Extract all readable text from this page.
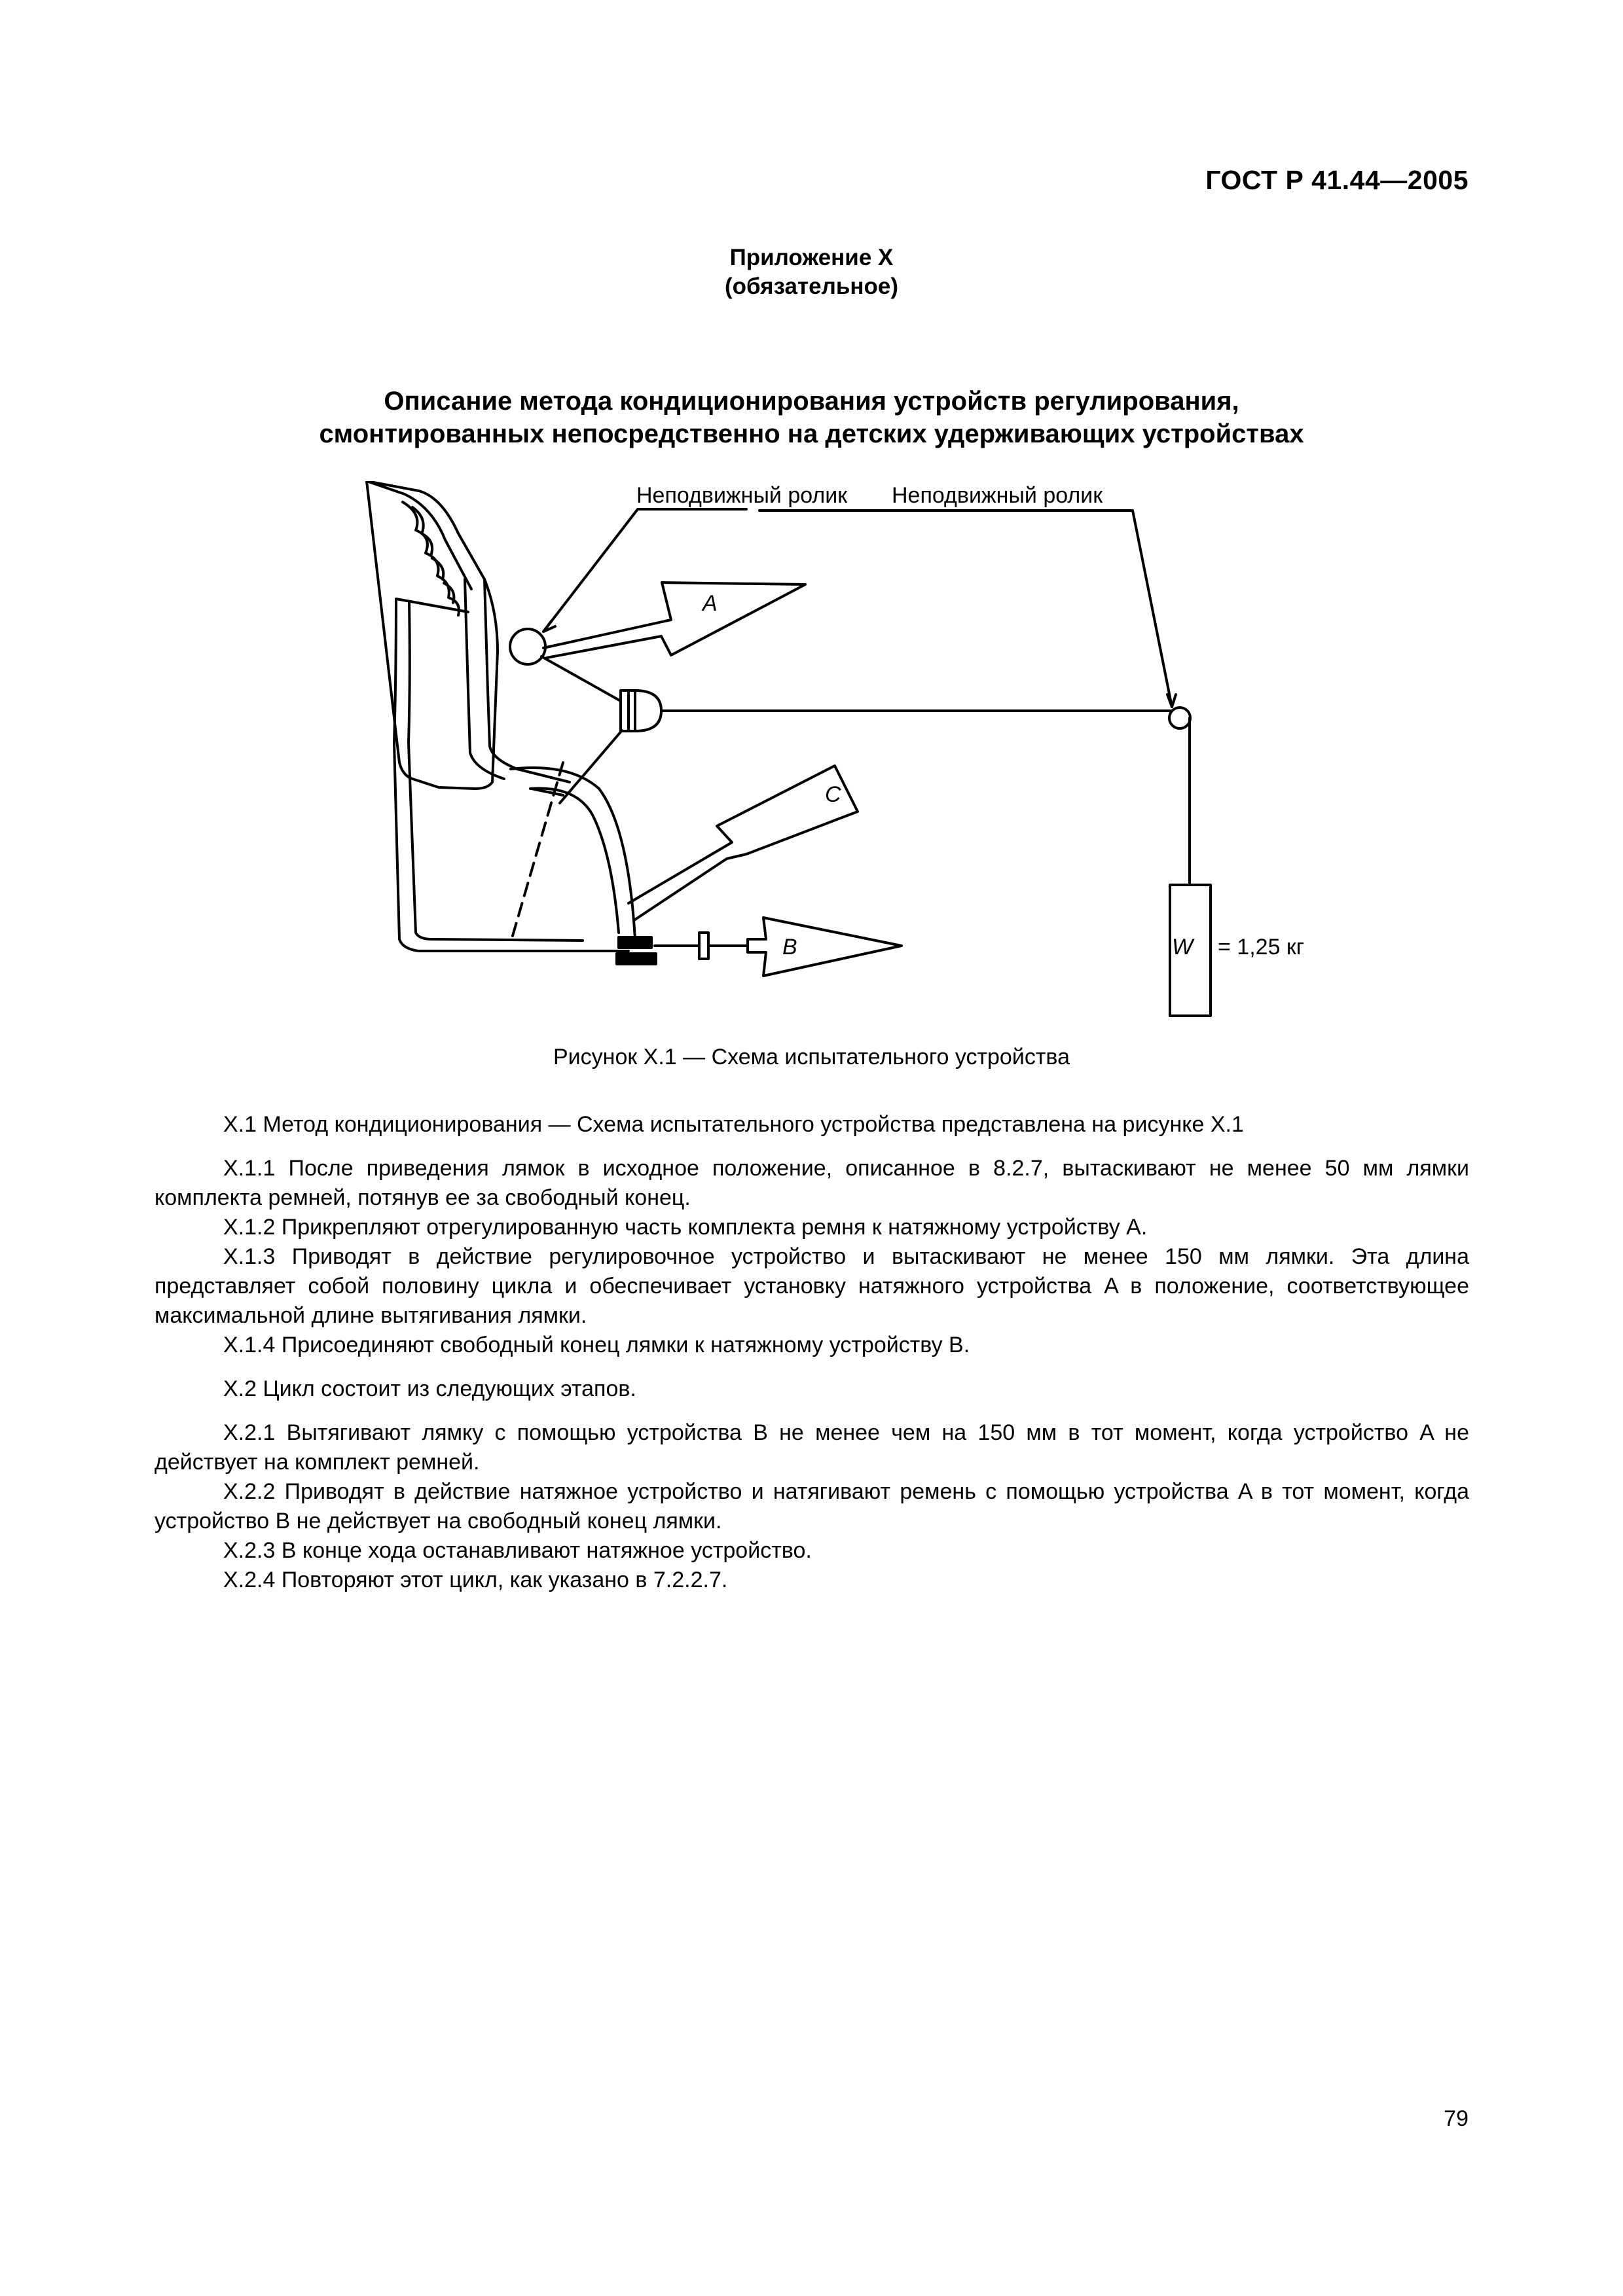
ГОСТ Р 41.44—2005
Приложение X
(обязательное)
Описание метода кондиционирования устройств регулирования,
смонтированных непосредственно на детских удерживающих устройствах
Неподвижный ролик Неподвижный ролик
A
C
B	W = 1,25 кг
Рисунок X.1 — Схема испытательного устройства

X.1 Метод кондиционирования — Схема испытательного устройства представлена на рисунке X.1

X.1.1 После приведения лямок в исходное положение, описанное в 8.2.7, вытаскивают не менее 50 мм лямки комплекта ремней, потянув ее за свободный конец.

X.1.2 Прикрепляют отрегулированную часть комплекта ремня к натяжному устройству А.

X.1.3 Приводят в действие регулировочное устройство и вытаскивают не менее 150 мм лямки. Эта длина представляет собой половину цикла и обеспечивает установку натяжного устройства A в положение, соответствующее максимальной длине вытягивания лямки.

X.1.4 Присоединяют свободный конец лямки к натяжному устройству B.

X.2 Цикл состоит из следующих этапов.

X.2.1 Вытягивают лямку с помощью устройства B не менее чем на 150 мм в тот момент, когда устройство A не действует на комплект ремней.

X.2.2 Приводят в действие натяжное устройство и натягивают ремень с помощью устройства A в тот момент, когда устройство B не действует на свободный конец лямки.

X.2.3 В конце хода останавливают натяжное устройство.

X.2.4 Повторяют этот цикл, как указано в 7.2.2.7.

79
